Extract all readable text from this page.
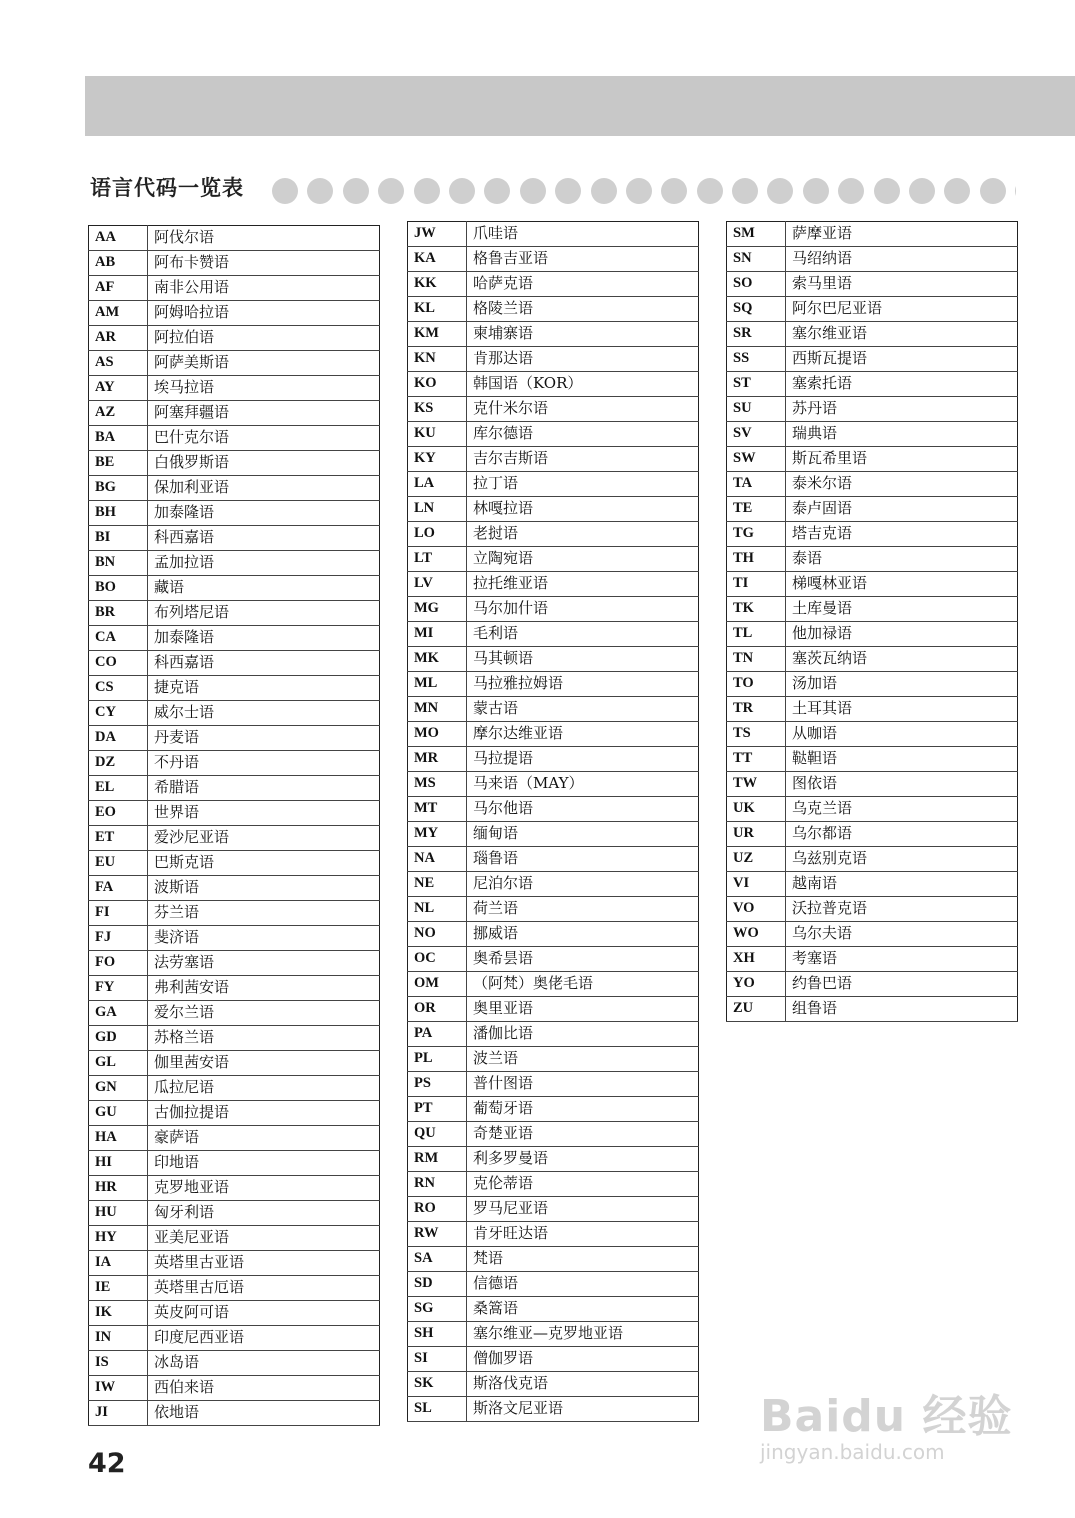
语言代码一览表
AA	阿伐尔语
AB	阿布卡赞语
AF	南非公用语
AM	阿姆哈拉语
AR	阿拉伯语
AS	阿萨美斯语
AY	埃马拉语
AZ	阿塞拜疆语
BA	巴什克尔语
BE	白俄罗斯语
BG	保加利亚语
BH	加泰隆语
BI	科西嘉语
BN	孟加拉语
BO	藏语
BR	布列塔尼语
CA	加泰隆语
CO	科西嘉语
CS	捷克语
CY	威尔士语
DA	丹麦语
DZ	不丹语
EL	希腊语
EO	世界语
ET	爱沙尼亚语
EU	巴斯克语
FA	波斯语
FI	芬兰语
FJ	斐济语
FO	法劳塞语
FY	弗利茜安语
GA	爱尔兰语
GD	苏格兰语
GL	伽里茜安语
GN	瓜拉尼语
GU	古伽拉提语
HA	豪萨语
HI	印地语
HR	克罗地亚语
HU	匈牙利语
HY	亚美尼亚语
IA	英塔里古亚语
IE	英塔里古厄语
IK	英皮阿可语
IN	印度尼西亚语
IS	冰岛语
IW	西伯来语
JI	依地语
JW	爪哇语
KA	格鲁吉亚语
KK	哈萨克语
KL	格陵兰语
KM	柬埔寨语
KN	肯那达语
KO	韩国语（KOR）
KS	克什米尔语
KU	库尔德语
KY	吉尔吉斯语
LA	拉丁语
LN	林嘎拉语
LO	老挝语
LT	立陶宛语
LV	拉托维亚语
MG	马尔加什语
MI	毛利语
MK	马其顿语
ML	马拉雅拉姆语
MN	蒙古语
MO	摩尔达维亚语
MR	马拉提语
MS	马来语（MAY）
MT	马尔他语
MY	缅甸语
NA	瑙鲁语
NE	尼泊尔语
NL	荷兰语
NO	挪威语
OC	奥希昙语
OM	（阿梵）奥佬毛语
OR	奥里亚语
PA	潘伽比语
PL	波兰语
PS	普什图语
PT	葡萄牙语
QU	奇楚亚语
RM	利多罗曼语
RN	克伦蒂语
RO	罗马尼亚语
RW	肯牙旺达语
SA	梵语
SD	信德语
SG	桑篙语
SH	塞尔维亚—克罗地亚语
SI	僧伽罗语
SK	斯洛伐克语
SL	斯洛文尼亚语
SM	萨摩亚语
SN	马绍纳语
SO	索马里语
SQ	阿尔巴尼亚语
SR	塞尔维亚语
SS	西斯瓦提语
ST	塞索托语
SU	苏丹语
SV	瑞典语
SW	斯瓦希里语
TA	泰米尔语
TE	泰卢固语
TG	塔吉克语
TH	泰语
TI	梯嘎林亚语
TK	土库曼语
TL	他加禄语
TN	塞茨瓦纳语
TO	汤加语
TR	土耳其语
TS	从咖语
TT	鞑靼语
TW	图依语
UK	乌克兰语
UR	乌尔都语
UZ	乌兹别克语
VI	越南语
VO	沃拉普克语
WO	乌尔夫语
XH	考塞语
YO	约鲁巴语
ZU	组鲁语
42
Baidu 经验
jingyan.baidu.com
